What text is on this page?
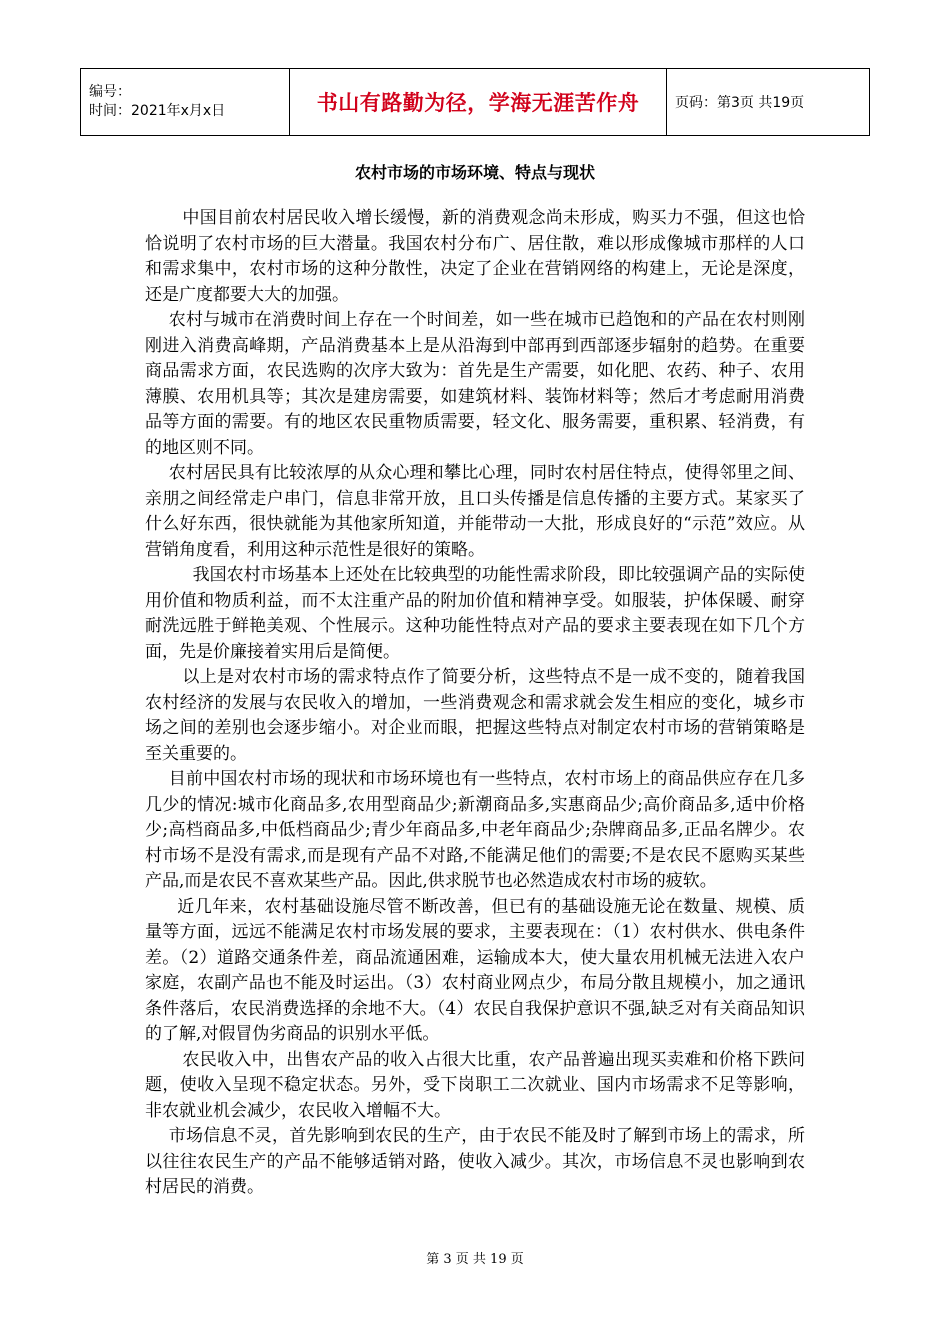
编号：
时间：2021年x月x日	书山有路勤为径，学海无涯苦作舟	页码：第3页 共19页
农村市场的市场环境、特点与现状

中国目前农村居民收入增长缓慢，新的消费观念尚未形成，购买力不强，但这也恰恰说明了农村市场的巨大潜量。我国农村分布广、居住散，难以形成像城市那样的人口和需求集中，农村市场的这种分散性，决定了企业在营销网络的构建上，无论是深度，还是广度都要大大的加强。

农村与城市在消费时间上存在一个时间差，如一些在城市已趋饱和的产品在农村则刚刚进入消费高峰期，产品消费基本上是从沿海到中部再到西部逐步辐射的趋势。在重要商品需求方面，农民选购的次序大致为：首先是生产需要，如化肥、农药、种子、农用薄膜、农用机具等；其次是建房需要，如建筑材料、装饰材料等；然后才考虑耐用消费品等方面的需要。有的地区农民重物质需要，轻文化、服务需要，重积累、轻消费，有的地区则不同。

农村居民具有比较浓厚的从众心理和攀比心理，同时农村居住特点，使得邻里之间、亲朋之间经常走户串门，信息非常开放，且口头传播是信息传播的主要方式。某家买了什么好东西，很快就能为其他家所知道，并能带动一大批，形成良好的“示范”效应。从营销角度看，利用这种示范性是很好的策略。

我国农村市场基本上还处在比较典型的功能性需求阶段，即比较强调产品的实际使用价值和物质利益，而不太注重产品的附加价值和精神享受。如服装，护体保暖、耐穿耐洗远胜于鲜艳美观、个性展示。这种功能性特点对产品的要求主要表现在如下几个方面，先是价廉接着实用后是简便。

以上是对农村市场的需求特点作了简要分析，这些特点不是一成不变的，随着我国农村经济的发展与农民收入的增加，一些消费观念和需求就会发生相应的变化，城乡市场之间的差别也会逐步缩小。对企业而眼，把握这些特点对制定农村市场的营销策略是至关重要的。

目前中国农村市场的现状和市场环境也有一些特点，农村市场上的商品供应存在几多几少的情况:城市化商品多,农用型商品少;新潮商品多,实惠商品少;高价商品多,适中价格少;高档商品多,中低档商品少;青少年商品多,中老年商品少;杂牌商品多,正品名牌少。农村市场不是没有需求,而是现有产品不对路,不能满足他们的需要;不是农民不愿购买某些产品,而是农民不喜欢某些产品。因此,供求脱节也必然造成农村市场的疲软。

近几年来，农村基础设施尽管不断改善，但已有的基础设施无论在数量、规模、质量等方面，远远不能满足农村市场发展的要求，主要表现在：（1）农村供水、供电条件差。（2）道路交通条件差，商品流通困难，运输成本大，使大量农用机械无法进入农户家庭，农副产品也不能及时运出。（3）农村商业网点少，布局分散且规模小，加之通讯条件落后，农民消费选择的余地不大。（4）农民自我保护意识不强,缺乏对有关商品知识的了解,对假冒伪劣商品的识别水平低。

农民收入中，出售农产品的收入占很大比重，农产品普遍出现买卖难和价格下跌问题，使收入呈现不稳定状态。另外，受下岗职工二次就业、国内市场需求不足等影响，非农就业机会减少，农民收入增幅不大。

市场信息不灵，首先影响到农民的生产，由于农民不能及时了解到市场上的需求，所以往往农民生产的产品不能够适销对路，使收入减少。其次，市场信息不灵也影响到农村居民的消费。

第 3 页 共 19 页
